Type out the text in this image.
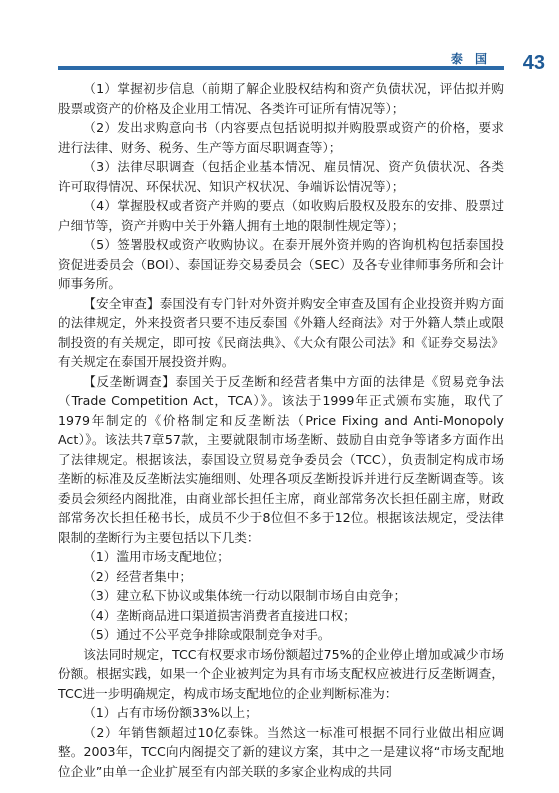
泰 国 43

（1）掌握初步信息（前期了解企业股权结构和资产负债状况，评估拟并购股票或资产的价格及企业用工情况、各类许可证所有情况等）；

（2）发出求购意向书（内容要点包括说明拟并购股票或资产的价格，要求进行法律、财务、税务、生产等方面尽职调查等）；

（3）法律尽职调查（包括企业基本情况、雇员情况、资产负债状况、各类许可取得情况、环保状况、知识产权状况、争端诉讼情况等）；

（4）掌握股权或者资产并购的要点（如收购后股权及股东的安排、股票过户细节等，资产并购中关于外籍人拥有土地的限制性规定等）；

（5）签署股权或资产收购协议。在泰开展外资并购的咨询机构包括泰国投资促进委员会（BOI）、泰国证券交易委员会（SEC）及各专业律师事务所和会计师事务所。

【安全审查】泰国没有专门针对外资并购安全审查及国有企业投资并购方面的法律规定，外来投资者只要不违反泰国《外籍人经商法》对于外籍人禁止或限制投资的有关规定，即可按《民商法典》、《大众有限公司法》和《证券交易法》有关规定在泰国开展投资并购。

【反垄断调查】泰国关于反垄断和经营者集中方面的法律是《贸易竞争法（Trade Competition Act，TCA）》。该法于1999年正式颁布实施，取代了1979年制定的《价格制定和反垄断法（Price Fixing and Anti-Monopoly Act）》。该法共7章57款，主要就限制市场垄断、鼓励自由竞争等诸多方面作出了法律规定。根据该法，泰国设立贸易竞争委员会（TCC），负责制定构成市场垄断的标准及反垄断法实施细则、处理各项反垄断投诉并进行反垄断调查等。该委员会须经内阁批准，由商业部长担任主席，商业部常务次长担任副主席，财政部常务次长担任秘书长，成员不少于8位但不多于12位。根据该法规定，受法律限制的垄断行为主要包括以下几类：

（1）滥用市场支配地位；

（2）经营者集中；

（3）建立私下协议或集体统一行动以限制市场自由竞争；

（4）垄断商品进口渠道损害消费者直接进口权；

（5）通过不公平竞争排除或限制竞争对手。

该法同时规定，TCC有权要求市场份额超过75%的企业停止增加或减少市场份额。根据实践，如果一个企业被判定为具有市场支配权应被进行反垄断调查，TCC进一步明确规定，构成市场支配地位的企业判断标准为：

（1）占有市场份额33%以上；

（2）年销售额超过10亿泰铢。当然这一标准可根据不同行业做出相应调整。2003年，TCC向内阁提交了新的建议方案，其中之一是建议将“市场支配地位企业”由单一企业扩展至有内部关联的多家企业构成的共同
